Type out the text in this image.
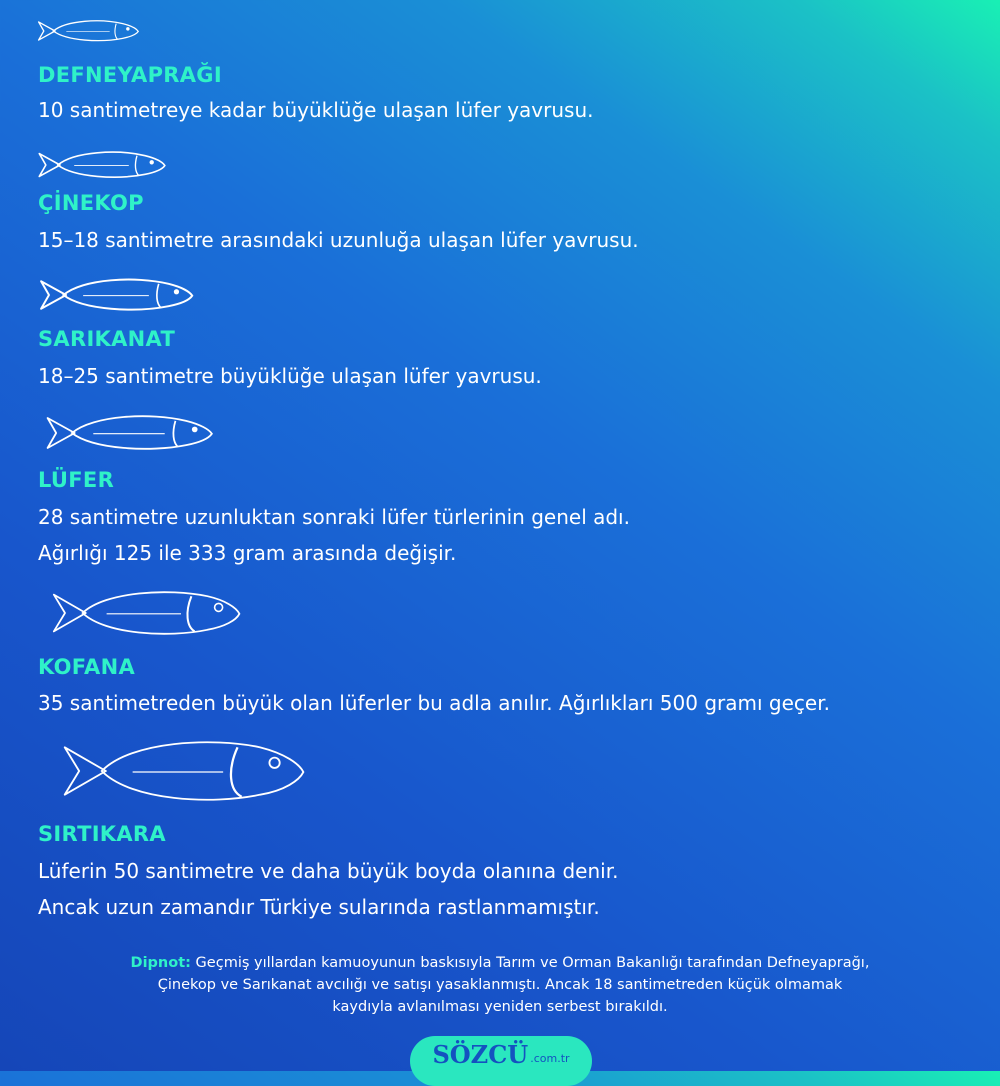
DEFNEYAPRAĞI
ÇİNEKOP
SARIKANAT
LÜFER
KOFANA
SIRTIKARA

10 santimetreye kadar büyüklüğe ulaşan lüfer yavrusu.

15–18 santimetre arasındaki uzunluğa ulaşan lüfer yavrusu.

18–25 santimetre büyüklüğe ulaşan lüfer yavrusu.

28 santimetre uzunluktan sonraki lüfer türlerinin genel adı.
Ağırlığı 125 ile 333 gram arasında değişir.

35 santimetreden büyük olan lüferler bu adla anılır. Ağırlıkları 500 gramı geçer.

Lüferin 50 santimetre ve daha büyük boyda olanına denir.
Ancak uzun zamandır Türkiye sularında rastlanmamıştır.

Dipnot: Geçmiş yıllardan kamuoyunun baskısıyla Tarım ve Orman Bakanlığı tarafından Defneyaprağı,
Çinekop ve Sarıkanat avcılığı ve satışı yasaklanmıştı. Ancak 18 santimetreden küçük olmamak
kaydıyla avlanılması yeniden serbest bırakıldı.
SÖZCÜ .com.tr
